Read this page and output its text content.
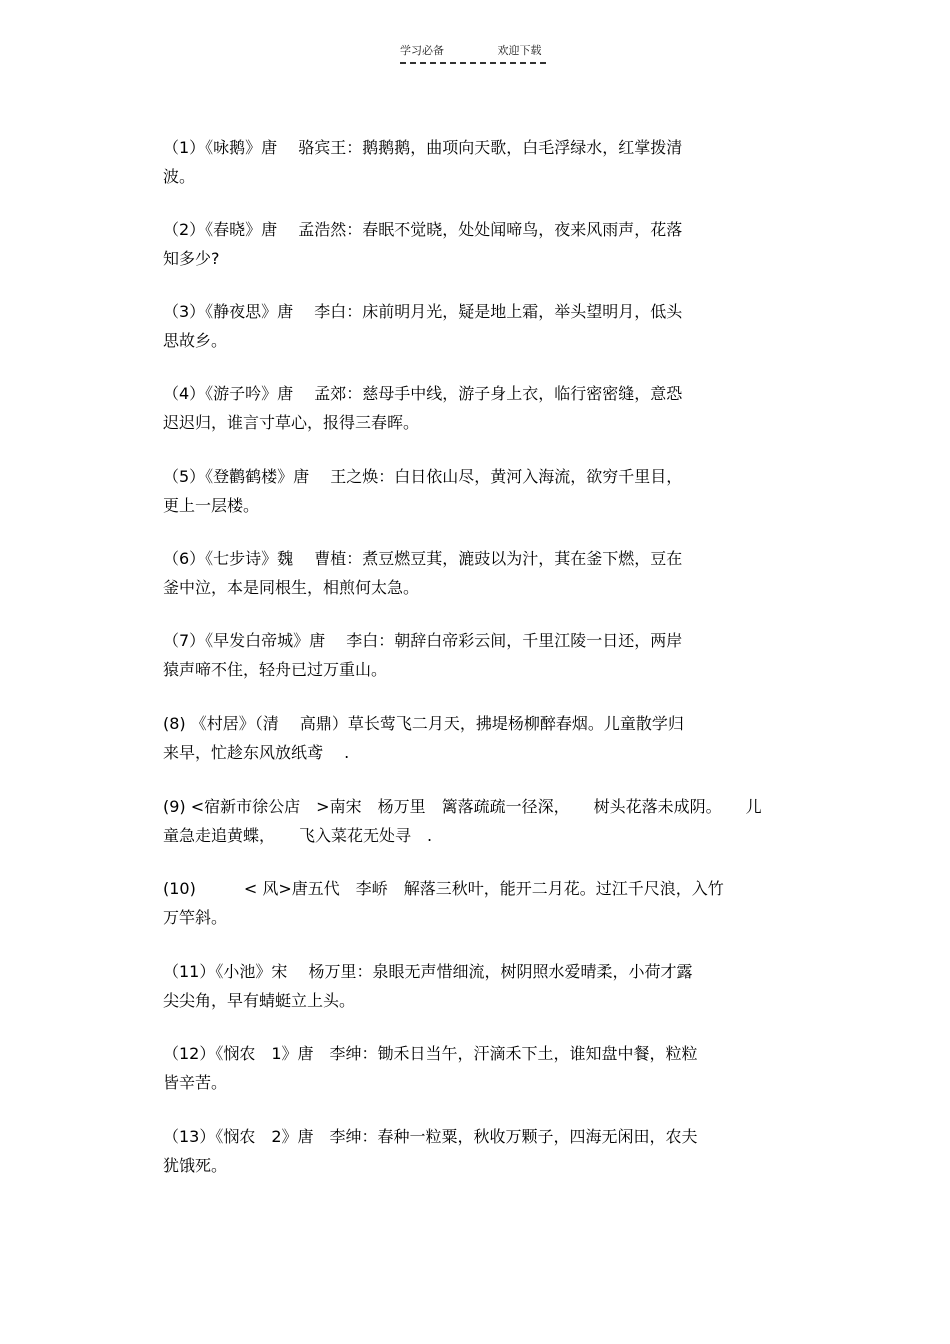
学习必备	欢迎下载
（1）《咏鹅》唐　 骆宾王：鹅鹅鹅，曲项向天歌，白毛浮绿水，红掌拨清
波。
（2）《春晓》唐　 孟浩然：春眠不觉晓，处处闻啼鸟，夜来风雨声，花落
知多少?
（3）《静夜思》唐　 李白：床前明月光，疑是地上霜，举头望明月，低头
思故乡。
（4）《游子吟》唐　 孟郊：慈母手中线，游子身上衣，临行密密缝，意恐
迟迟归，谁言寸草心，报得三春晖。
（5）《登鹳鹤楼》唐　 王之焕：白日依山尽，黄河入海流，欲穷千里目，
更上一层楼。
（6）《七步诗》魏　 曹植：煮豆燃豆萁，漉豉以为汁，萁在釜下燃，豆在
釜中泣，本是同根生，相煎何太急。
（7）《早发白帝城》唐　 李白：朝辞白帝彩云间，千里江陵一日还，两岸
猿声啼不住，轻舟已过万重山。
(8) 《村居》（清　 高鼎）草长莺飞二月天，拂堤杨柳醉春烟。儿童散学归
来早，忙趁东风放纸鸢　 .
(9) <宿新市徐公店　>南宋　杨万里　篱落疏疏一径深，　　树头花落未成阴。　　儿
童急走追黄蝶，　　飞入菜花无处寻　.
(10)　　　< 风>唐五代　李峤　解落三秋叶，能开二月花。过江千尺浪，入竹
万竿斜。
（11）《小池》宋　 杨万里：泉眼无声惜细流，树阴照水爱晴柔，小荷才露
尖尖角，早有蜻蜓立上头。
（12）《悯农　1》唐　李绅：锄禾日当午，汗滴禾下土，谁知盘中餐，粒粒
皆辛苦。
（13）《悯农　2》唐　李绅：春种一粒粟，秋收万颗子，四海无闲田，农夫
犹饿死。
